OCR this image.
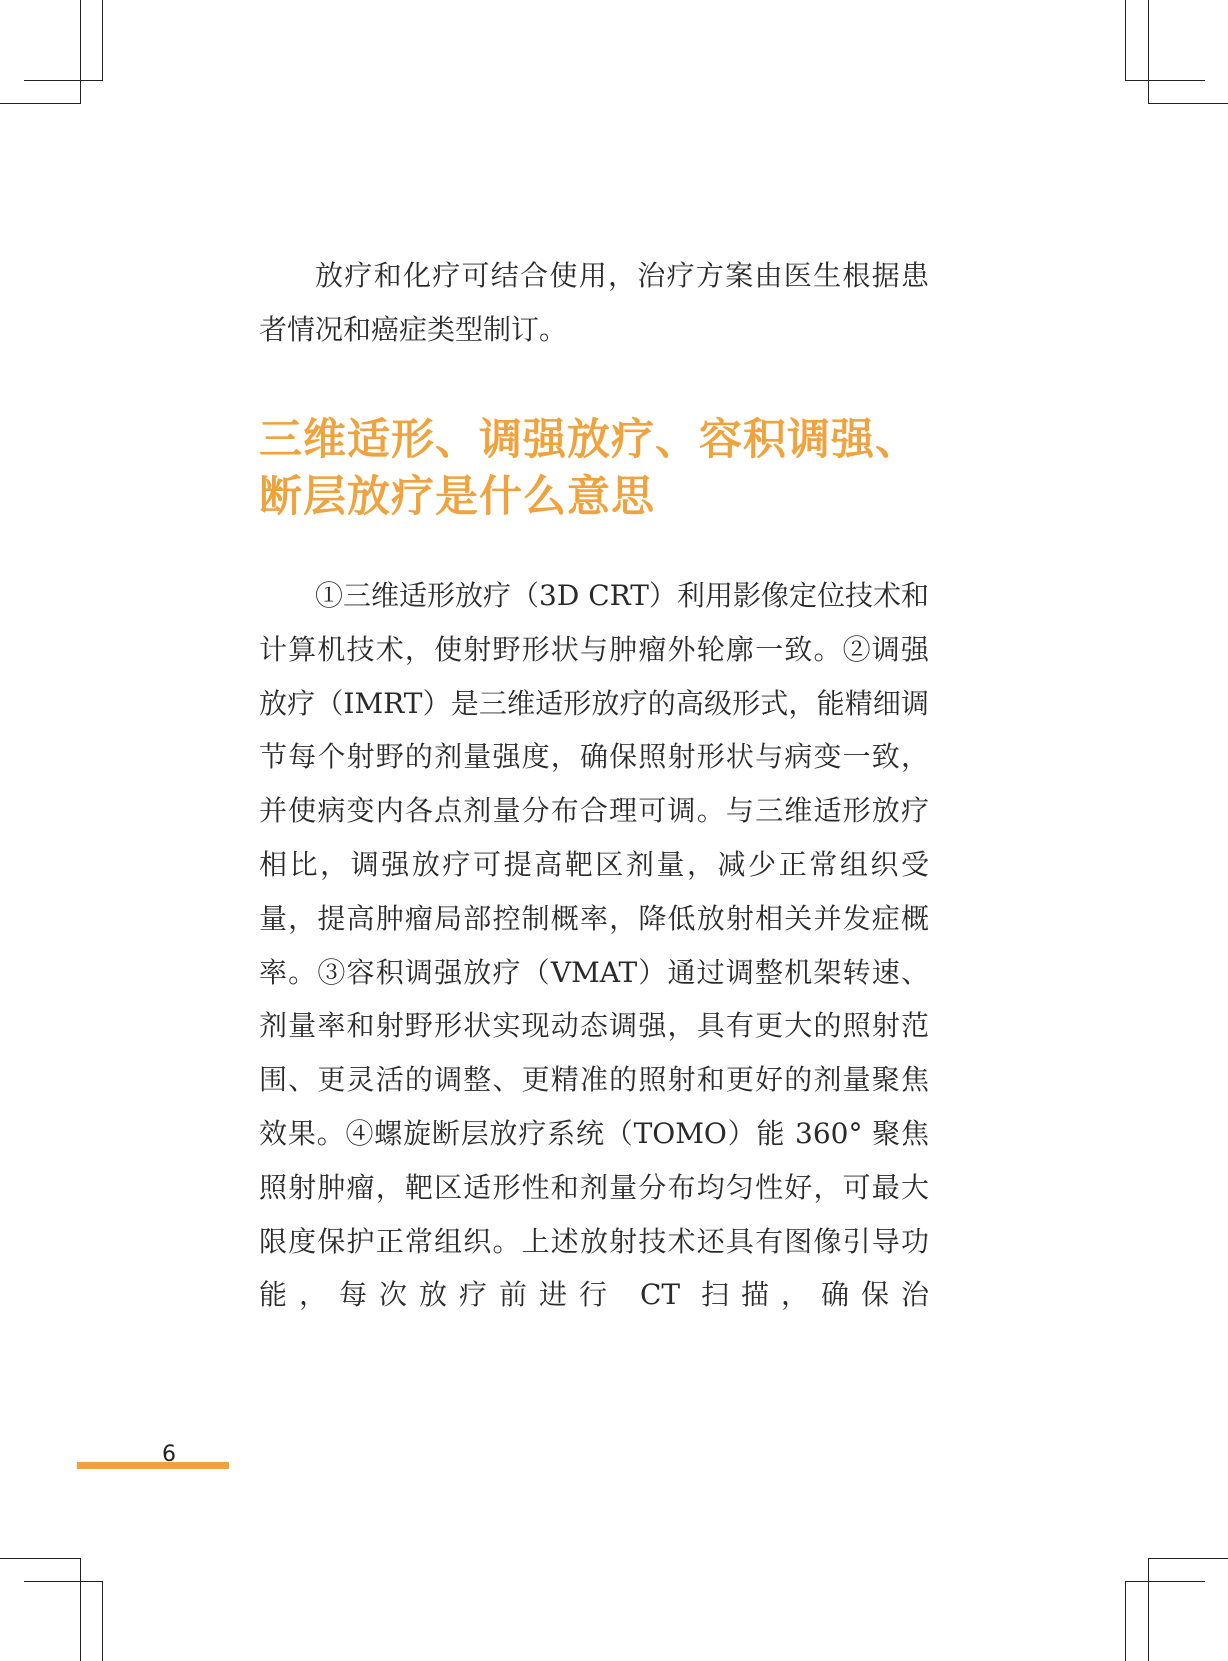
放疗和化疗可结合使用，治疗方案由医生根据患者情况和癌症类型制订。

三维适形、调强放疗、容积调强、
断层放疗是什么意思

①三维适形放疗（3D CRT）利用影像定位技术和计算机技术，使射野形状与肿瘤外轮廓一致。②调强放疗（IMRT）是三维适形放疗的高级形式，能精细调节每个射野的剂量强度，确保照射形状与病变一致，并使病变内各点剂量分布合理可调。与三维适形放疗相比，调强放疗可提高靶区剂量，减少正常组织受量，提高肿瘤局部控制概率，降低放射相关并发症概率。③容积调强放疗（VMAT）通过调整机架转速、剂量率和射野形状实现动态调强，具有更大的照射范围、更灵活的调整、更精准的照射和更好的剂量聚焦效果。④螺旋断层放疗系统（TOMO）能 360° 聚焦照射肿瘤，靶区适形性和剂量分布均匀性好，可最大限度保护正常组织。上述放射技术还具有图像引导功能，每次放疗前进行 CT 扫描，确保治

6
